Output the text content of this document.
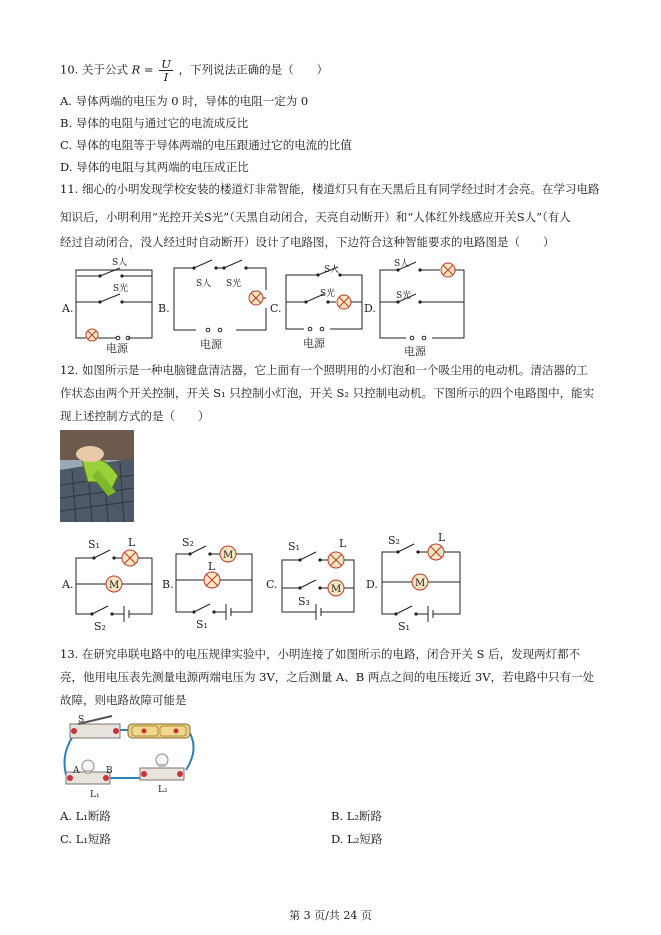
10. 关于公式 $R = \frac{U}{I}$ ，下列说法正确的是（　　）
A. 导体两端的电压为 0 时，导体的电阻一定为 0
B. 导体的电阻与通过它的电流成反比
C. 导体的电阻等于导体两端的电压跟通过它的电流的比值
D. 导体的电阻与其两端的电压成正比
11. 细心的小明发现学校安装的楼道灯非常智能，楼道灯只有在天黑后且有同学经过时才会亮。在学习电路
知识后，小明利用“光控开关S光”（天黑自动闭合，天亮自动断开）和“人体红外线感应开关S人”（有人
经过自动闭合，没人经过时自动断开）设计了电路图，下边符合这种智能要求的电路图是（　　）
A.
S人
S光
电源
B.
S人 S光
电源
C.
S人
S光
电源
D.
S人
S光
电源
12. 如图所示是一种电脑键盘清洁器，它上面有一个照明用的小灯泡和一个吸尘用的电动机。清洁器的工
作状态由两个开关控制，开关 S₁ 只控制小灯泡，开关 S₂ 只控制电动机。下图所示的四个电路图中，能实
现上述控制方式的是（　　）
A.
S₁	L
M
S₂
B.
S₂
M
L
S₁
C.
S₁	L
S₃
M D.
S₂	L
M
S₁
13. 在研究串联电路中的电压规律实验中，小明连接了如图所示的电路，闭合开关 S 后，发现两灯都不
亮，他用电压表先测量电源两端电压为 3V，之后测量 A、B 两点之间的电压接近 3V，若电路中只有一处
故障，则电路故障可能是
S
A	B
L₁	L₂
A. L₁断路	B. L₂断路
C. L₁短路	D. L₂短路
第 3 页/共 24 页
